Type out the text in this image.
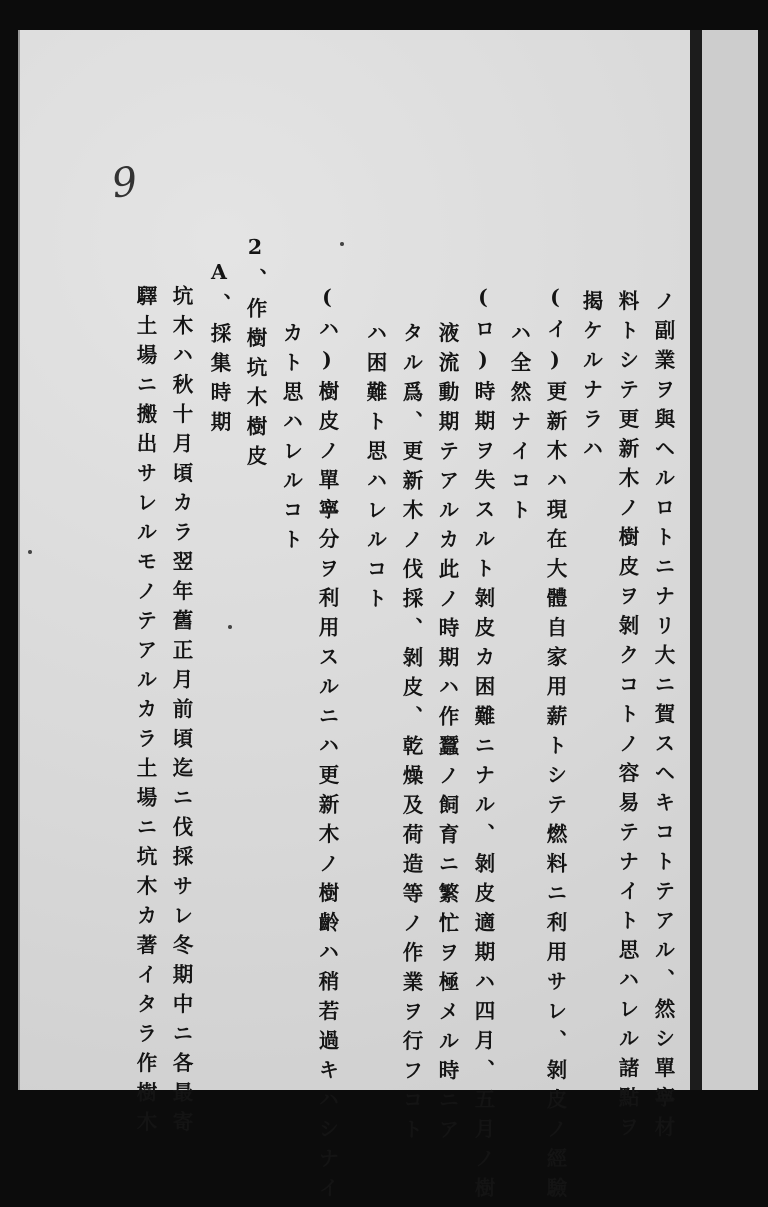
9
ノ副業ヲ與ヘルロトニナリ大ニ賀スヘキコトテアル、然シ單寧材
料トシテ更新木ノ樹皮ヲ剝クコトノ容易テナイト思ハレル諸點ヲ
揭ケルナラハ
(イ)更新木ハ現在大體自家用薪トシテ燃料ニ利用サレ、剝皮ノ經驗
ハ全然ナイコト
(ロ)時期ヲ失スルト剝皮カ困難ニナル、剝皮適期ハ四月、五月ノ樹
液流動期テアルカ此ノ時期ハ作蠶ノ飼育ニ繁忙ヲ極メル時ニア
タル爲、更新木ノ伐採、剝皮、乾燥及荷造等ノ作業ヲ行フコト
ハ困難ト思ハレルコト
(ハ)樹皮ノ單寧分ヲ利用スルニハ更新木ノ樹齡ハ稍若過キハシナイ
カト思ハレルコト
2、作樹坑木樹皮
A、採集時期
坑木ハ秋十月頃カラ翌年舊正月前頃迄ニ伐採サレ冬期中ニ各最寄
驛土場ニ搬出サレルモノテアルカラ土場ニ坑木カ著イタラ作樹木
